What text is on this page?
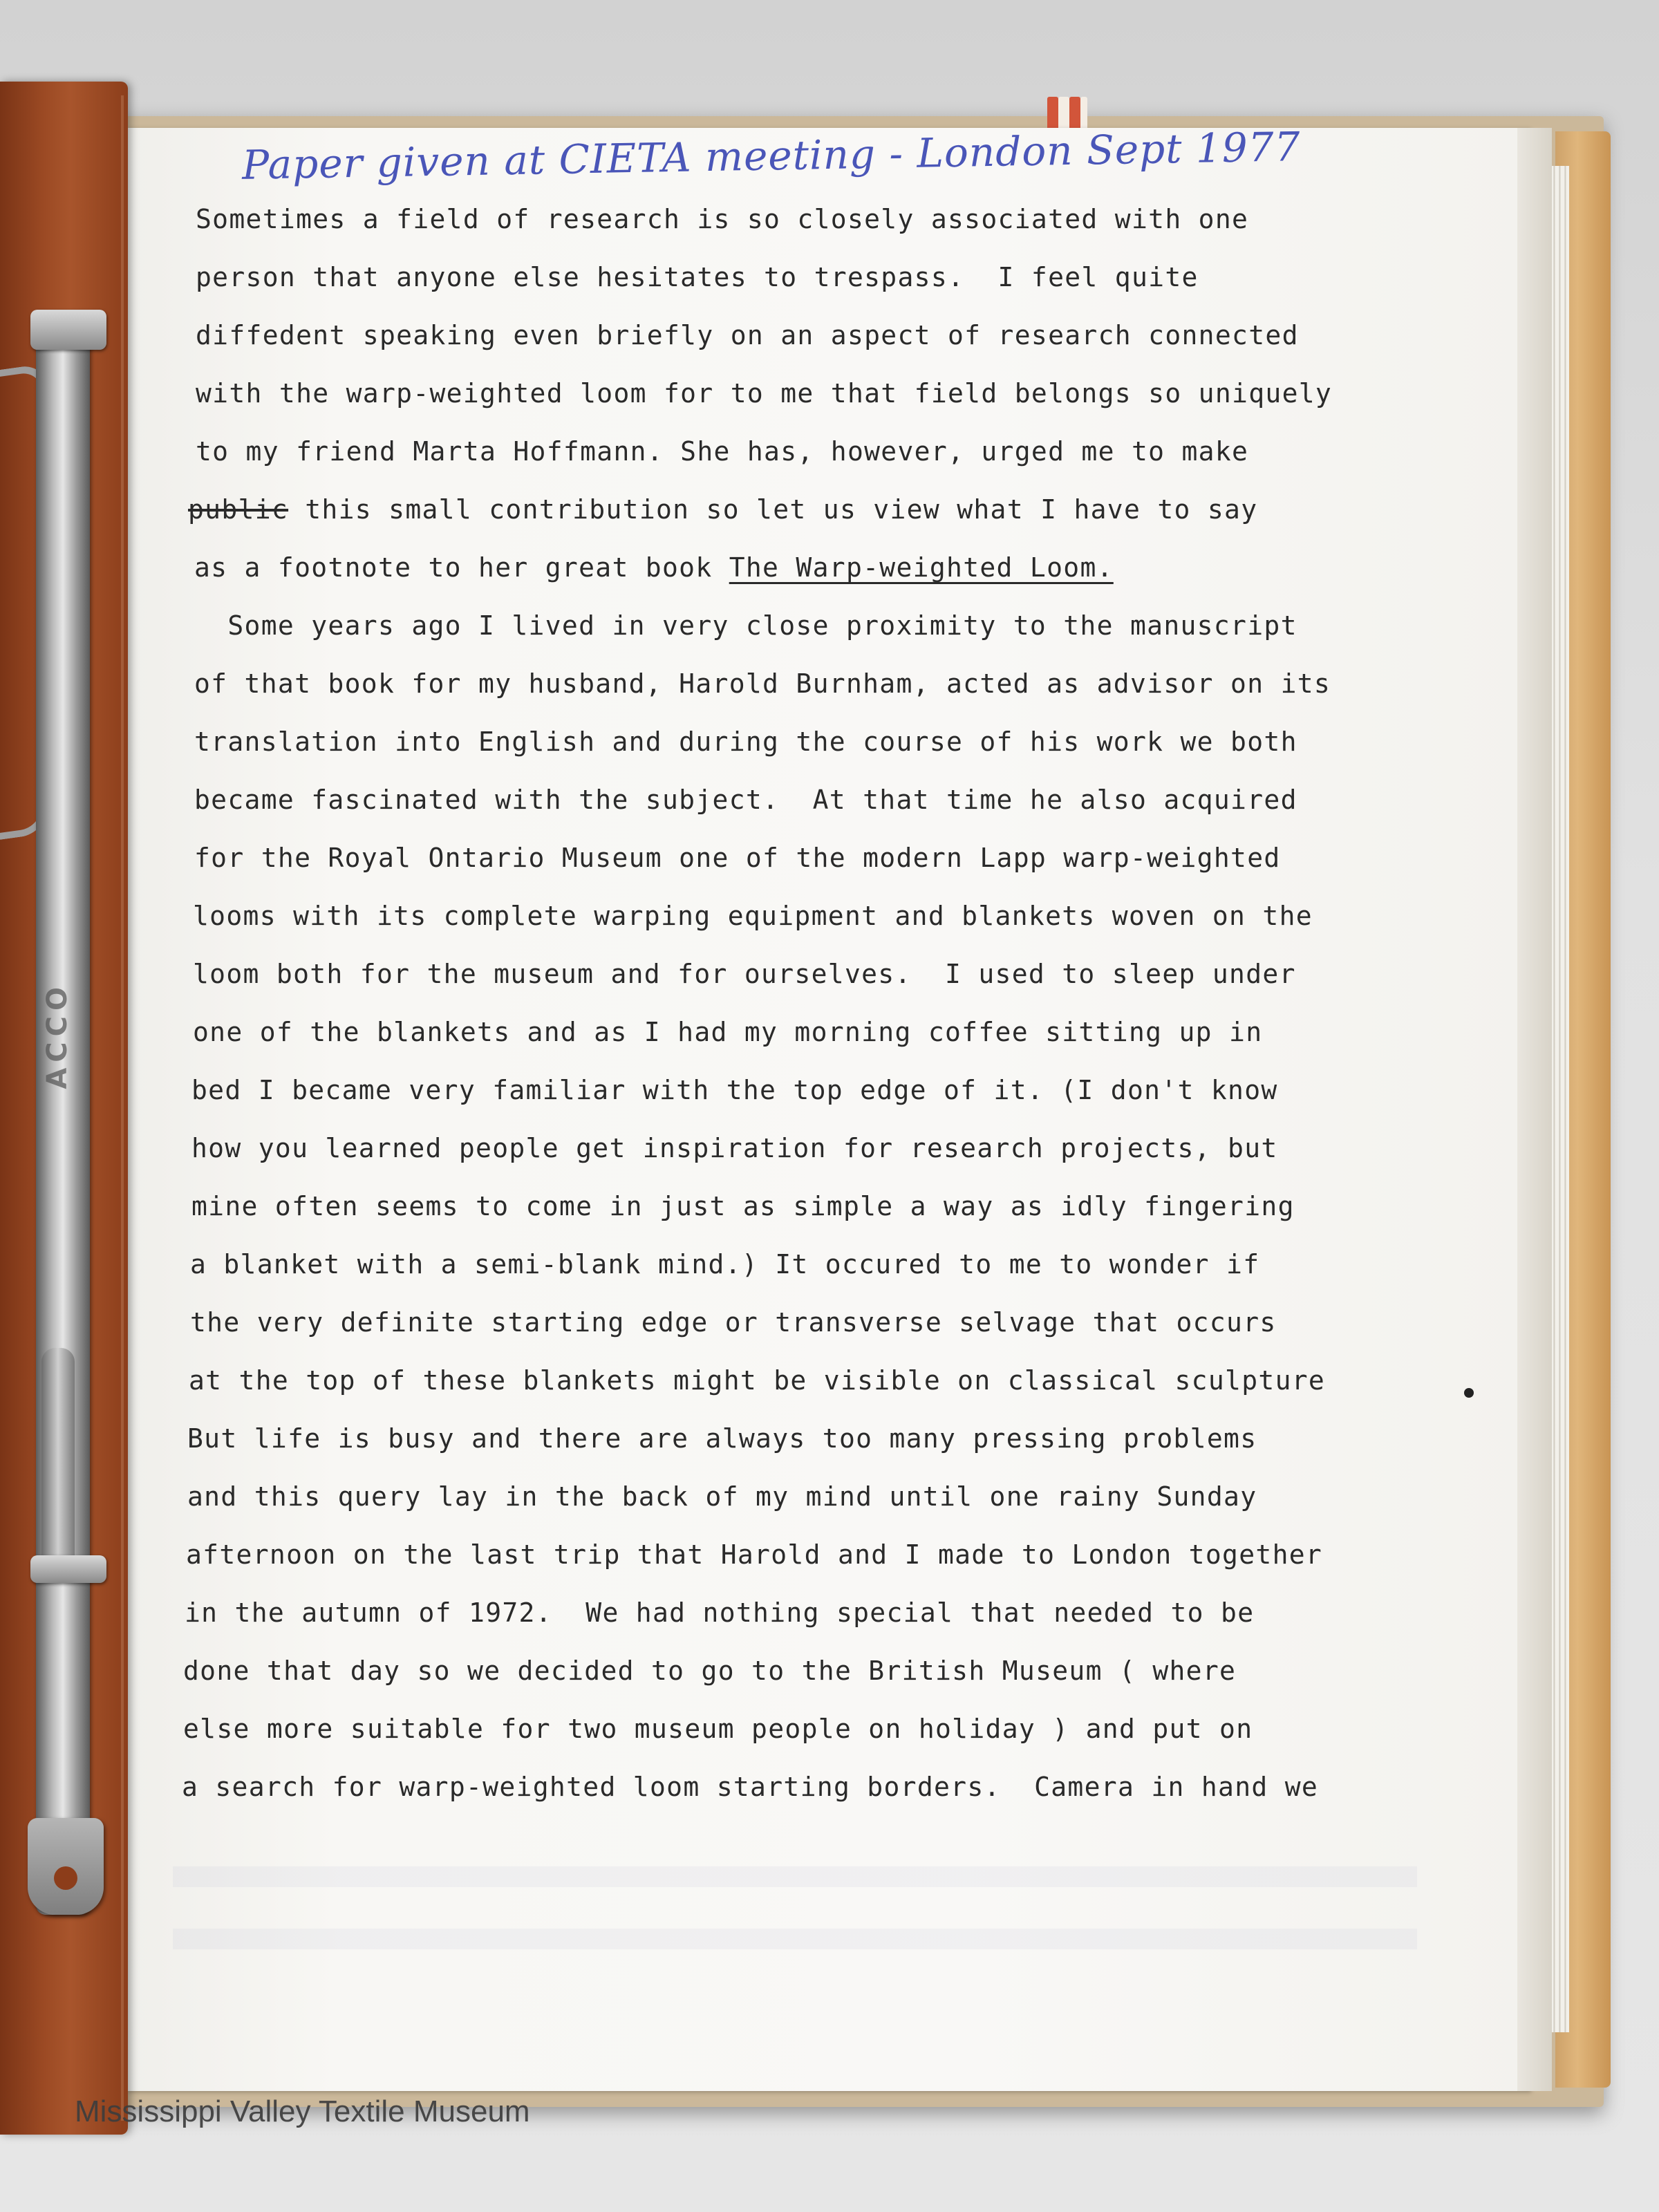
ACCO
Paper given at CIETA meeting - London Sept 1977
Sometimes a field of research is so closely associated with one
person that anyone else hesitates to trespass.  I feel quite
diffedent speaking even briefly on an aspect of research connected
with the warp-weighted loom for to me that field belongs so uniquely
to my friend Marta Hoffmann. She has, however, urged me to make
public this small contribution so let us view what I have to say
as a footnote to her great book The Warp-weighted Loom.
Some years ago I lived in very close proximity to the manuscript
of that book for my husband, Harold Burnham, acted as advisor on its
translation into English and during the course of his work we both
became fascinated with the subject.  At that time he also acquired
for the Royal Ontario Museum one of the modern Lapp warp-weighted
looms with its complete warping equipment and blankets woven on the
loom both for the museum and for ourselves.  I used to sleep under
one of the blankets and as I had my morning coffee sitting up in
bed I became very familiar with the top edge of it. (I don't know
how you learned people get inspiration for research projects, but
mine often seems to come in just as simple a way as idly fingering
a blanket with a semi-blank mind.) It occured to me to wonder if
the very definite starting edge or transverse selvage that occurs
at the top of these blankets might be visible on classical sculpture
But life is busy and there are always too many pressing problems
and this query lay in the back of my mind until one rainy Sunday
afternoon on the last trip that Harold and I made to London together
in the autumn of 1972.  We had nothing special that needed to be
done that day so we decided to go to the British Museum ( where
else more suitable for two museum people on holiday ) and put on
a search for warp-weighted loom starting borders.  Camera in hand we
Mississippi Valley Textile Museum
